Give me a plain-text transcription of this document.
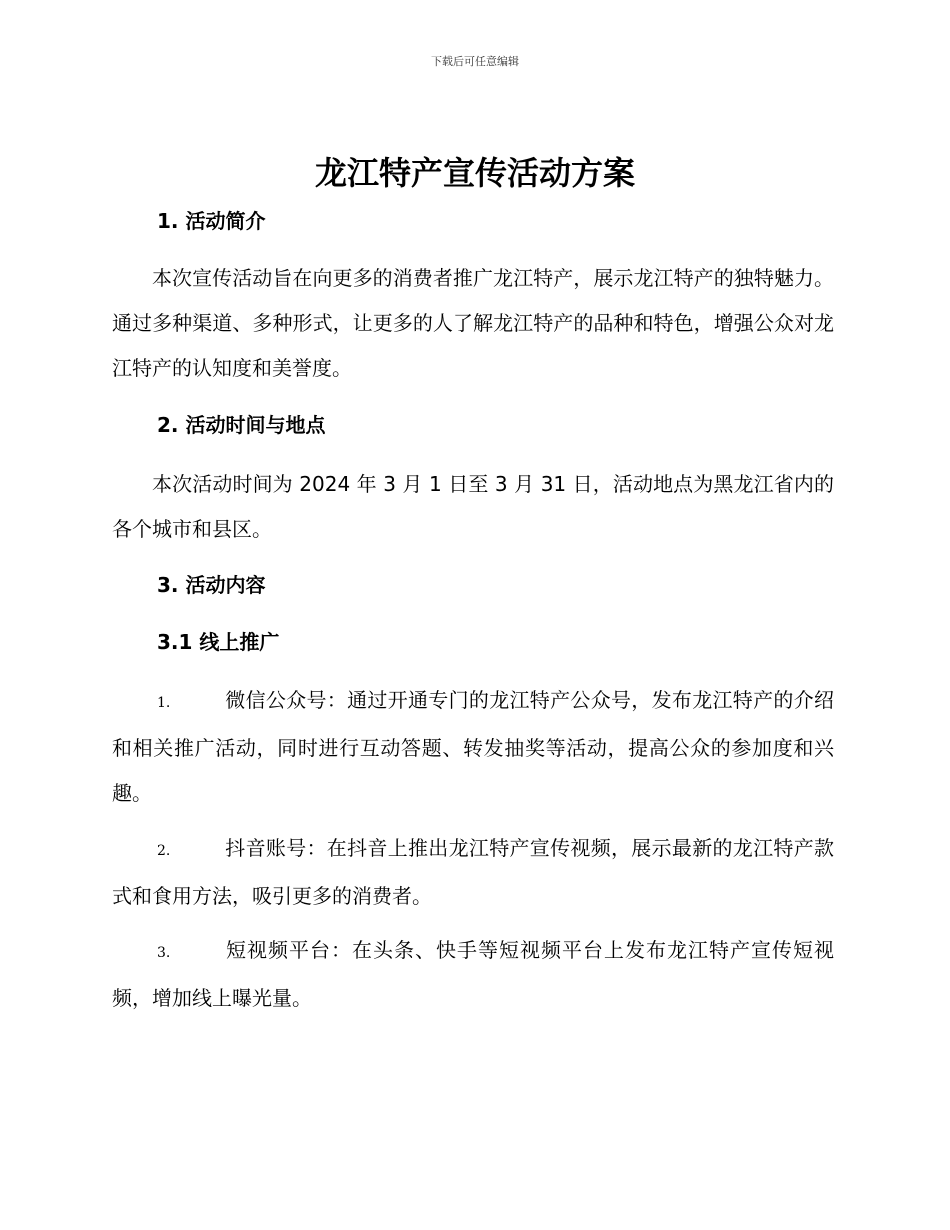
下载后可任意编辑
龙江特产宣传活动方案
1. 活动简介

本次宣传活动旨在向更多的消费者推广龙江特产，展示龙江特产的独特魅力。通过多种渠道、多种形式，让更多的人了解龙江特产的品种和特色，增强公众对龙江特产的认知度和美誉度。

2. 活动时间与地点

本次活动时间为 2024 年 3 月 1 日至 3 月 31 日，活动地点为黑龙江省内的各个城市和县区。

3. 活动内容
3.1 线上推广

1.	微信公众号：通过开通专门的龙江特产公众号，发布龙江特产的介绍和相关推广活动，同时进行互动答题、转发抽奖等活动，提高公众的参加度和兴趣。

2.	抖音账号：在抖音上推出龙江特产宣传视频，展示最新的龙江特产款式和食用方法，吸引更多的消费者。

3.	短视频平台：在头条、快手等短视频平台上发布龙江特产宣传短视频，增加线上曝光量。
